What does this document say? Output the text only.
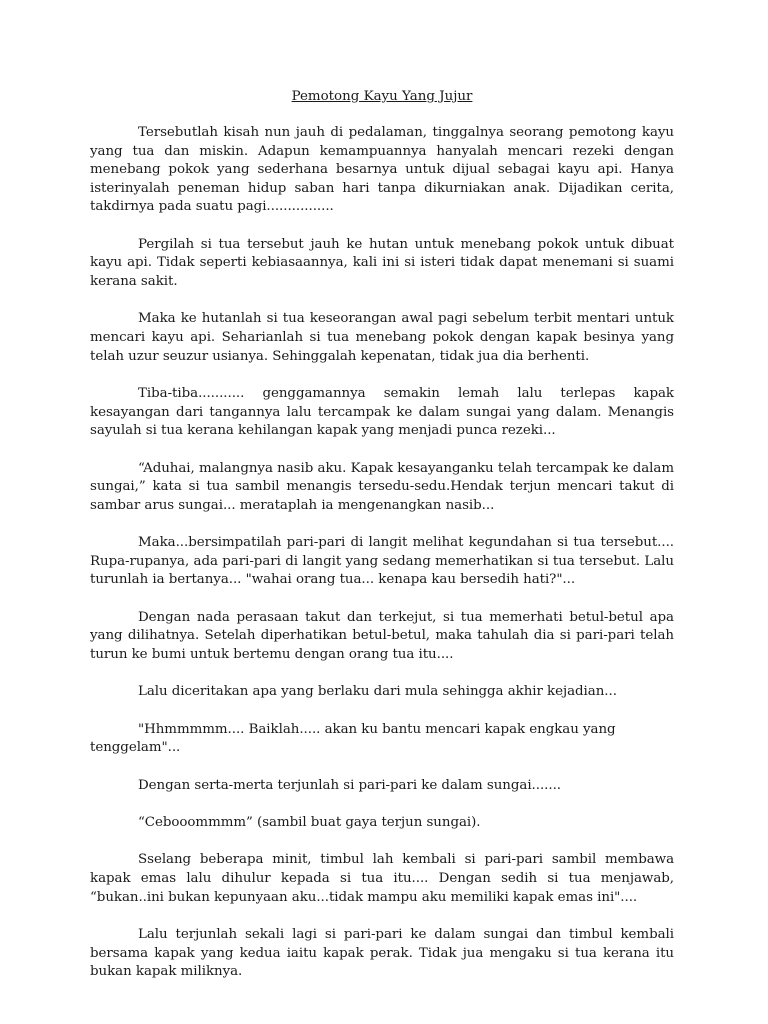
Pemotong Kayu Yang Jujur

Tersebutlah kisah nun jauh di pedalaman, tinggalnya seorang pemotong kayu yang tua dan miskin. Adapun kemampuannya hanyalah mencari rezeki dengan menebang pokok yang sederhana besarnya untuk dijual sebagai kayu api. Hanya isterinyalah peneman hidup saban hari tanpa dikurniakan anak. Dijadikan cerita, takdirnya pada suatu pagi................

Pergilah si tua tersebut jauh ke hutan untuk menebang pokok untuk dibuat kayu api. Tidak seperti kebiasaannya, kali ini si isteri tidak dapat menemani si suami kerana sakit.

Maka ke hutanlah si tua keseorangan awal pagi sebelum terbit mentari untuk mencari kayu api. Seharianlah si tua menebang pokok dengan kapak besinya yang telah uzur seuzur usianya. Sehinggalah kepenatan, tidak jua dia berhenti.

Tiba-tiba........... genggamannya semakin lemah lalu terlepas kapak kesayangan dari tangannya lalu tercampak ke dalam sungai yang dalam. Menangis sayulah si tua kerana kehilangan kapak yang menjadi punca rezeki...

“Aduhai, malangnya nasib aku. Kapak kesayanganku telah tercampak ke dalam sungai,” kata si tua sambil menangis tersedu-sedu.Hendak terjun mencari takut di sambar arus sungai... merataplah ia mengenangkan nasib...

Maka...bersimpatilah pari-pari di langit melihat kegundahan si tua tersebut.... Rupa-rupanya, ada pari-pari di langit yang sedang memerhatikan si tua tersebut. Lalu turunlah ia bertanya... "wahai orang tua... kenapa kau bersedih hati?"...

Dengan nada perasaan takut dan terkejut, si tua memerhati betul-betul apa yang dilihatnya. Setelah diperhatikan betul-betul, maka tahulah dia si pari-pari telah turun ke bumi untuk bertemu dengan orang tua itu....

Lalu diceritakan apa yang berlaku dari mula sehingga akhir kejadian...

"Hhmmmmm.... Baiklah..... akan ku bantu mencari kapak engkau yang tenggelam"...

Dengan serta-merta terjunlah si pari-pari ke dalam sungai.......

“Cebooommmm” (sambil buat gaya terjun sungai).

Sselang beberapa minit, timbul lah kembali si pari-pari sambil membawa kapak emas lalu dihulur kepada si tua itu.... Dengan sedih si tua menjawab, “bukan..ini bukan kepunyaan aku...tidak mampu aku memiliki kapak emas ini"....

Lalu terjunlah sekali lagi si pari-pari ke dalam sungai dan timbul kembali bersama kapak yang kedua iaitu kapak perak. Tidak jua mengaku si tua kerana itu bukan kapak miliknya.
